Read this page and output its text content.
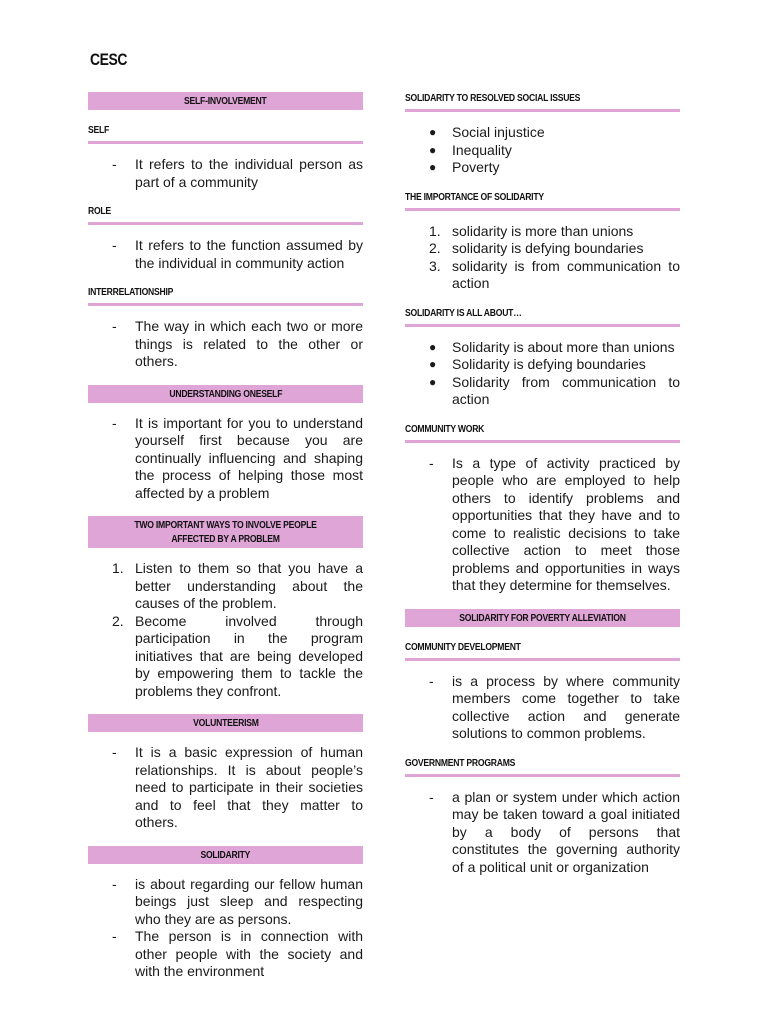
CESC
SELF-INVOLVEMENT
SELF
- It refers to the individual person as part of a community
ROLE
- It refers to the function assumed by the individual in community action
INTERRELATIONSHIP
- The way in which each two or more things is related to the other or others.
UNDERSTANDING ONESELF
- It is important for you to understand yourself first because you are continually influencing and shaping the process of helping those most affected by a problem
TWO IMPORTANT WAYS TO INVOLVE PEOPLE AFFECTED BY A PROBLEM
1. Listen to them so that you have a better understanding about the causes of the problem.
2. Become involved through participation in the program initiatives that are being developed by empowering them to tackle the problems they confront.
VOLUNTEERISM
- It is a basic expression of human relationships. It is about people’s need to participate in their societies and to feel that they matter to others.
SOLIDARITY
- is about regarding our fellow human beings just sleep and respecting who they are as persons.
- The person is in connection with other people with the society and with the environment
SOLIDARITY TO RESOLVED SOCIAL ISSUES
● Social injustice
● Inequality
● Poverty
THE IMPORTANCE OF SOLIDARITY
1. solidarity is more than unions
2. solidarity is defying boundaries
3. solidarity is from communication to action
SOLIDARITY IS ALL ABOUT…
● Solidarity is about more than unions
● Solidarity is defying boundaries
● Solidarity from communication to action
COMMUNITY WORK
- Is a type of activity practiced by people who are employed to help others to identify problems and opportunities that they have and to come to realistic decisions to take collective action to meet those problems and opportunities in ways that they determine for themselves.
SOLIDARITY FOR POVERTY ALLEVIATION
COMMUNITY DEVELOPMENT
- is a process by where community members come together to take collective action and generate solutions to common problems.
GOVERNMENT PROGRAMS
- a plan or system under which action may be taken toward a goal initiated by a body of persons that constitutes the governing authority of a political unit or organization
